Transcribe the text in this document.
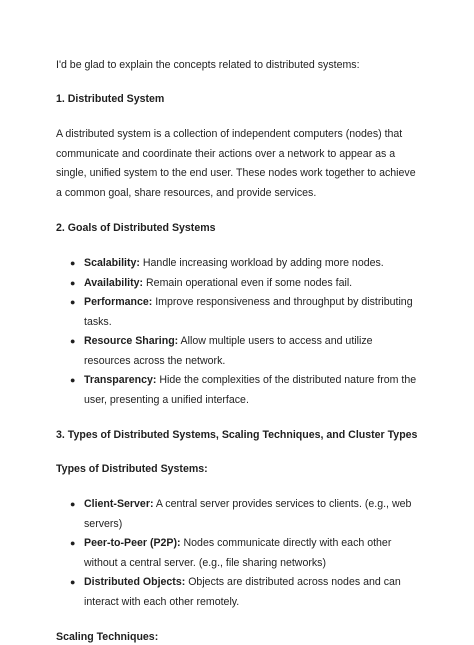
I'd be glad to explain the concepts related to distributed systems:

1. Distributed System

A distributed system is a collection of independent computers (nodes) that communicate and coordinate their actions over a network to appear as a single, unified system to the end user. These nodes work together to achieve a common goal, share resources, and provide services.

2. Goals of Distributed Systems
● Scalability: Handle increasing workload by adding more nodes.
● Availability: Remain operational even if some nodes fail.
● Performance: Improve responsiveness and throughput by distributing tasks.
● Resource Sharing: Allow multiple users to access and utilize resources across the network.
● Transparency: Hide the complexities of the distributed nature from the user, presenting a unified interface.
3. Types of Distributed Systems, Scaling Techniques, and Cluster Types
Types of Distributed Systems:
● Client-Server: A central server provides services to clients. (e.g., web servers)
● Peer-to-Peer (P2P): Nodes communicate directly with each other without a central server. (e.g., file sharing networks)
● Distributed Objects: Objects are distributed across nodes and can interact with each other remotely.
Scaling Techniques:
